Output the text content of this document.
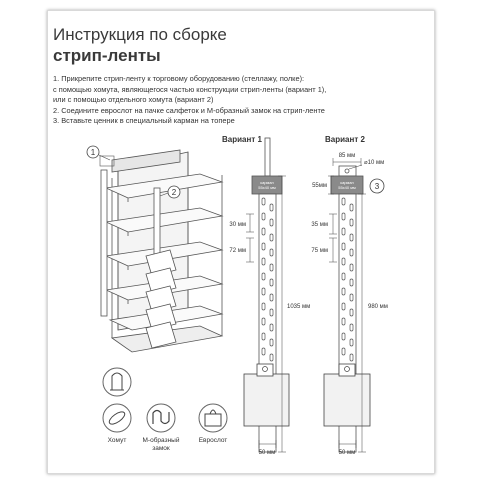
Инструкция по сборке
стрип-ленты
1. Прикрепите стрип-ленту к торговому оборудованию (стеллажу, полке):
с помощью хомута, являющегося частью конструкции стрип-ленты (вариант 1),
или с помощью отдельного хомута (вариант 2)
2. Соедините еврослот на пачке салфеток и М-образный замок на стрип-ленте
3. Вставьте ценник в специальный карман на топере
1
2
Вариант 1
карман
55х40 мм
30 мм
72 мм
1035 мм
50 мм
Вариант 2
карман
55х40 мм
85 мм
⌀10 мм
55мм
35 мм
75 мм
980 мм
50 мм
3
Хомут М-образный
замок
Еврослот
